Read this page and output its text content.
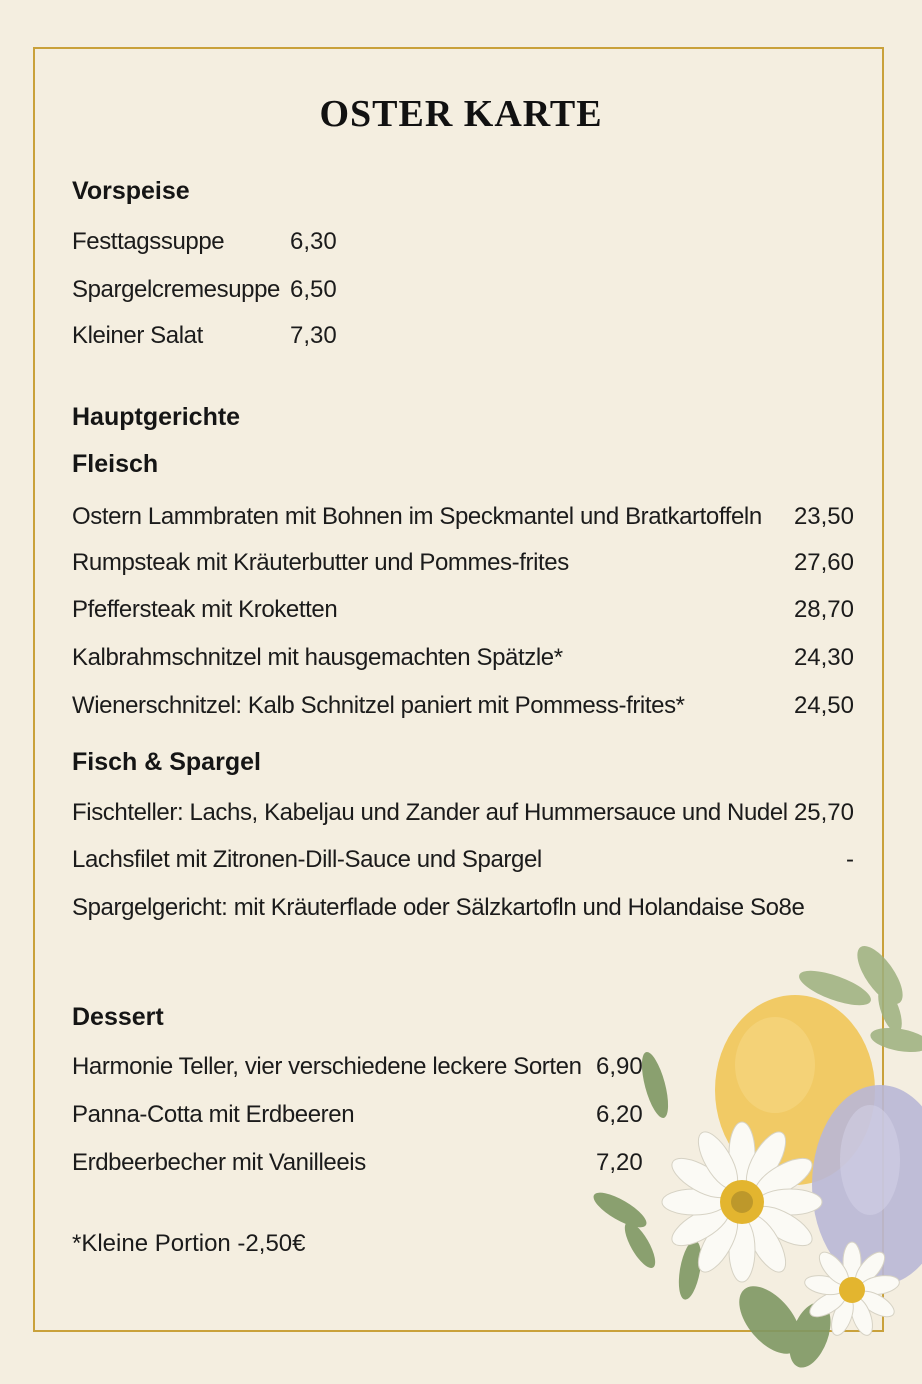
OSTER KARTE
Vorspeise
Festtagssuppe	6,30
Spargelcremesuppe 6,50
Kleiner Salat	7,30
Hauptgerichte
Fleisch
Ostern Lammbraten mit Bohnen im Speckmantel und Bratkartoffeln 23,50
Rumpsteak mit Kräuterbutter und Pommes-frites	27,60
Pfeffersteak mit Kroketten	28,70
Kalbrahmschnitzel mit hausgemachten Spätzle*	24,30
Wienerschnitzel: Kalb Schnitzel paniert mit Pommess-frites*	24,50
Fisch & Spargel
Fischteller: Lachs, Kabeljau und Zander auf Hummersauce und Nudel 25,70
Lachsfilet mit Zitronen-Dill-Sauce und Spargel	-
Spargelgericht: mit Kräuterflade oder Sälzkartofln und Holandaise So8e
Dessert
Harmonie Teller, vier verschiedene leckere Sorten 6,90
Panna-Cotta mit Erdbeeren	6,20
Erdbeerbecher mit Vanilleeis	7,20
*Kleine Portion -2,50€
